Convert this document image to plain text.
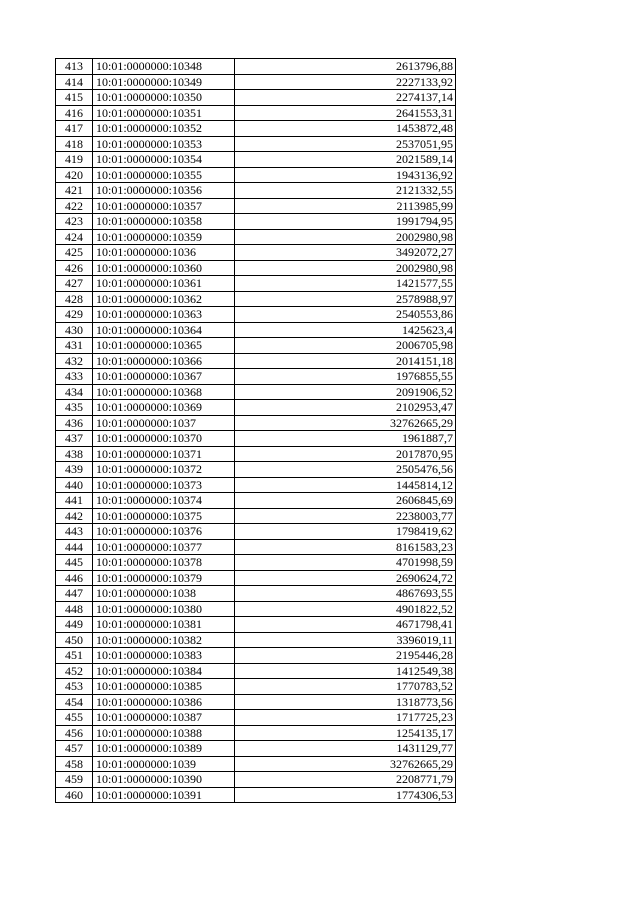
413	10:01:0000000:10348	2613796,88
414	10:01:0000000:10349	2227133,92
415	10:01:0000000:10350	2274137,14
416	10:01:0000000:10351	2641553,31
417	10:01:0000000:10352	1453872,48
418	10:01:0000000:10353	2537051,95
419	10:01:0000000:10354	2021589,14
420	10:01:0000000:10355	1943136,92
421	10:01:0000000:10356	2121332,55
422	10:01:0000000:10357	2113985,99
423	10:01:0000000:10358	1991794,95
424	10:01:0000000:10359	2002980,98
425	10:01:0000000:1036	3492072,27
426	10:01:0000000:10360	2002980,98
427	10:01:0000000:10361	1421577,55
428	10:01:0000000:10362	2578988,97
429	10:01:0000000:10363	2540553,86
430	10:01:0000000:10364	1425623,4
431	10:01:0000000:10365	2006705,98
432	10:01:0000000:10366	2014151,18
433	10:01:0000000:10367	1976855,55
434	10:01:0000000:10368	2091906,52
435	10:01:0000000:10369	2102953,47
436	10:01:0000000:1037	32762665,29
437	10:01:0000000:10370	1961887,7
438	10:01:0000000:10371	2017870,95
439	10:01:0000000:10372	2505476,56
440	10:01:0000000:10373	1445814,12
441	10:01:0000000:10374	2606845,69
442	10:01:0000000:10375	2238003,77
443	10:01:0000000:10376	1798419,62
444	10:01:0000000:10377	8161583,23
445	10:01:0000000:10378	4701998,59
446	10:01:0000000:10379	2690624,72
447	10:01:0000000:1038	4867693,55
448	10:01:0000000:10380	4901822,52
449	10:01:0000000:10381	4671798,41
450	10:01:0000000:10382	3396019,11
451	10:01:0000000:10383	2195446,28
452	10:01:0000000:10384	1412549,38
453	10:01:0000000:10385	1770783,52
454	10:01:0000000:10386	1318773,56
455	10:01:0000000:10387	1717725,23
456	10:01:0000000:10388	1254135,17
457	10:01:0000000:10389	1431129,77
458	10:01:0000000:1039	32762665,29
459	10:01:0000000:10390	2208771,79
460	10:01:0000000:10391	1774306,53
